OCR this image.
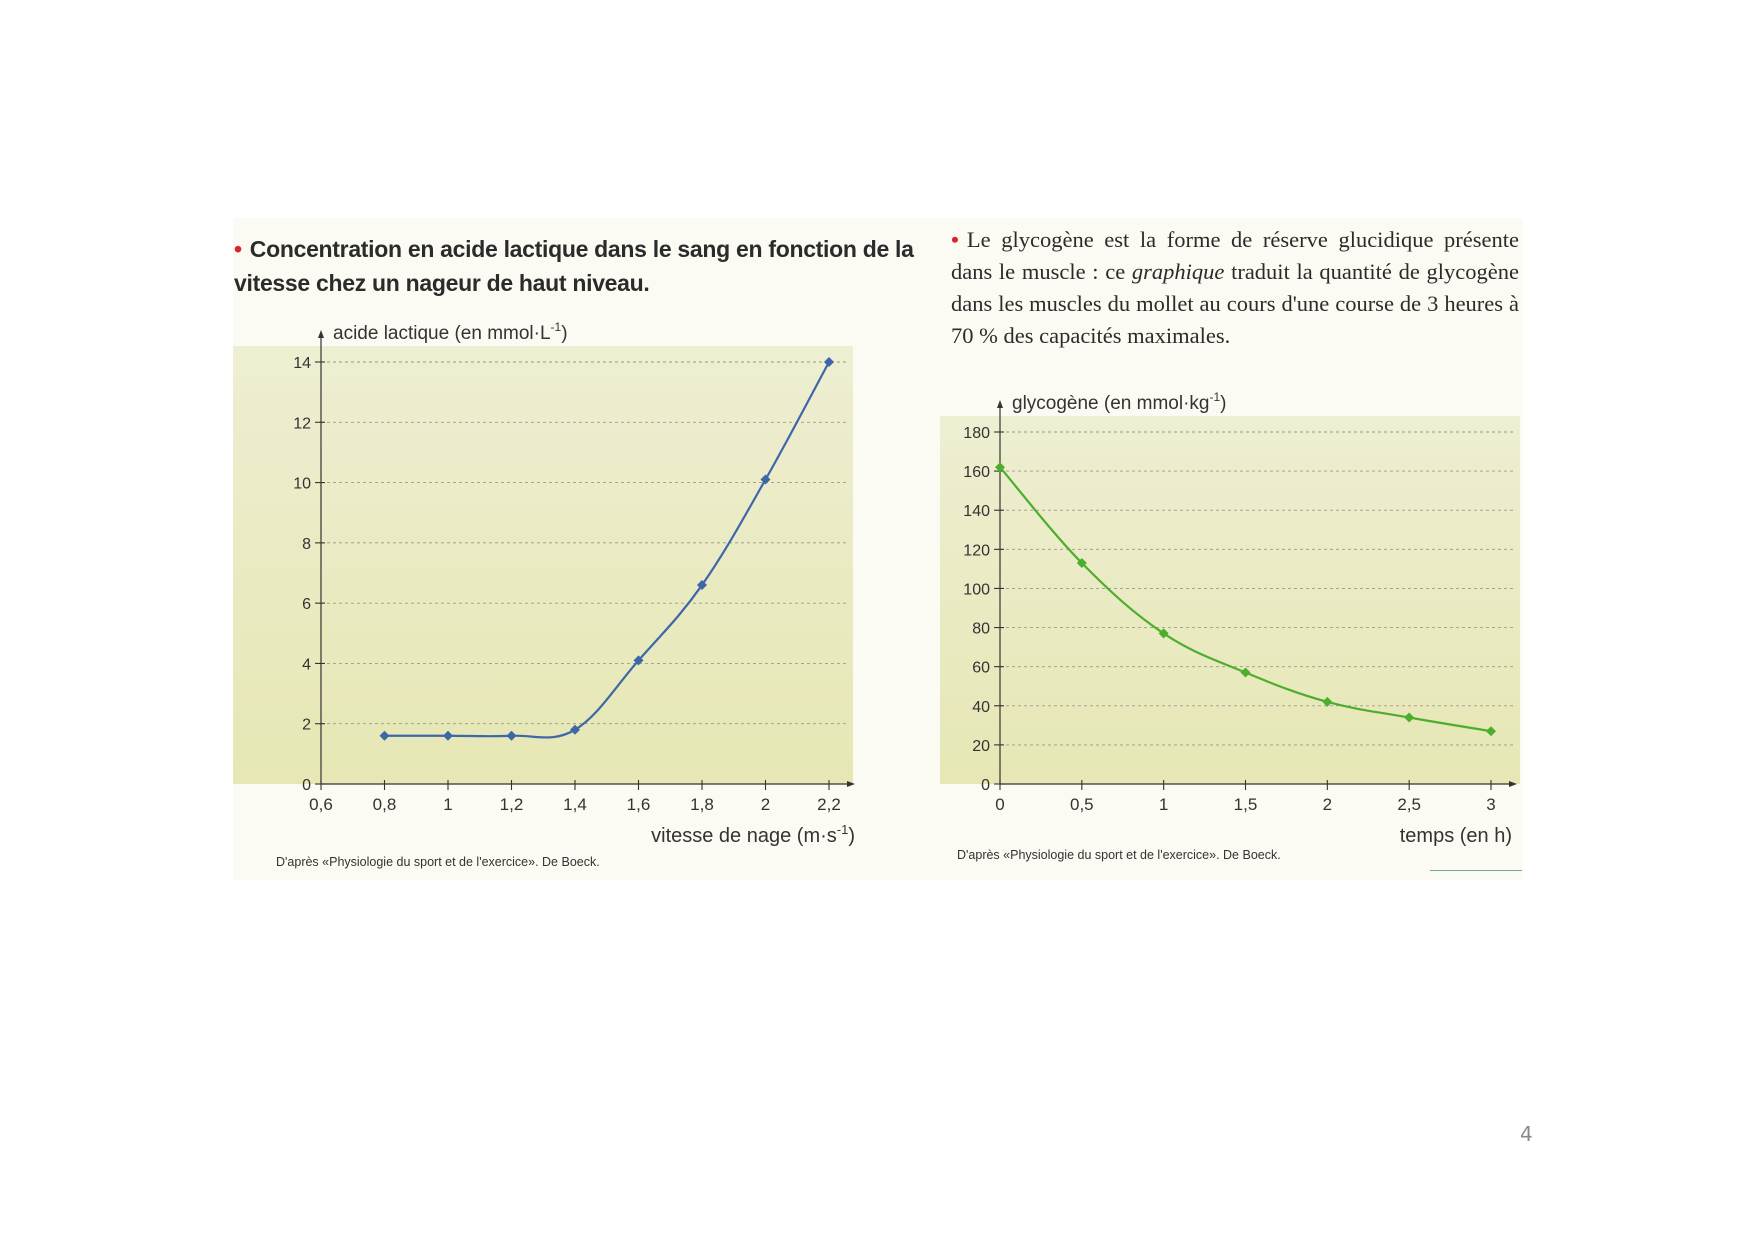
• Concentration en acide lactique dans le sang en fonction de la vitesse chez un nageur de haut niveau.

• Le glycogène est la forme de réserve glucidique présente dans le muscle : ce graphique traduit la quantité de glycogène dans les muscles du mollet au cours d'une course de 3 heures à 70 % des capacités maximales.

0
2
4
6
8
10
12
14
0,6 0,8	1	1,2 1,4 1,6 1,8	2	2,2
acide lactique (en $mmol\cdot L^{-1}$)
vitesse de nage $(m\cdot s^{-1})$
0
20
40
60
80
100
120
140
160
180
0	0,5	1	1,5	2	2,5	3
glycogène (en $mmol\cdot kg^{-1}$)
temps (en h)
D'après «Physiologie du sport et de l'exercice». De Boeck.	D'après «Physiologie du sport et de l'exercice». De Boeck.
4
